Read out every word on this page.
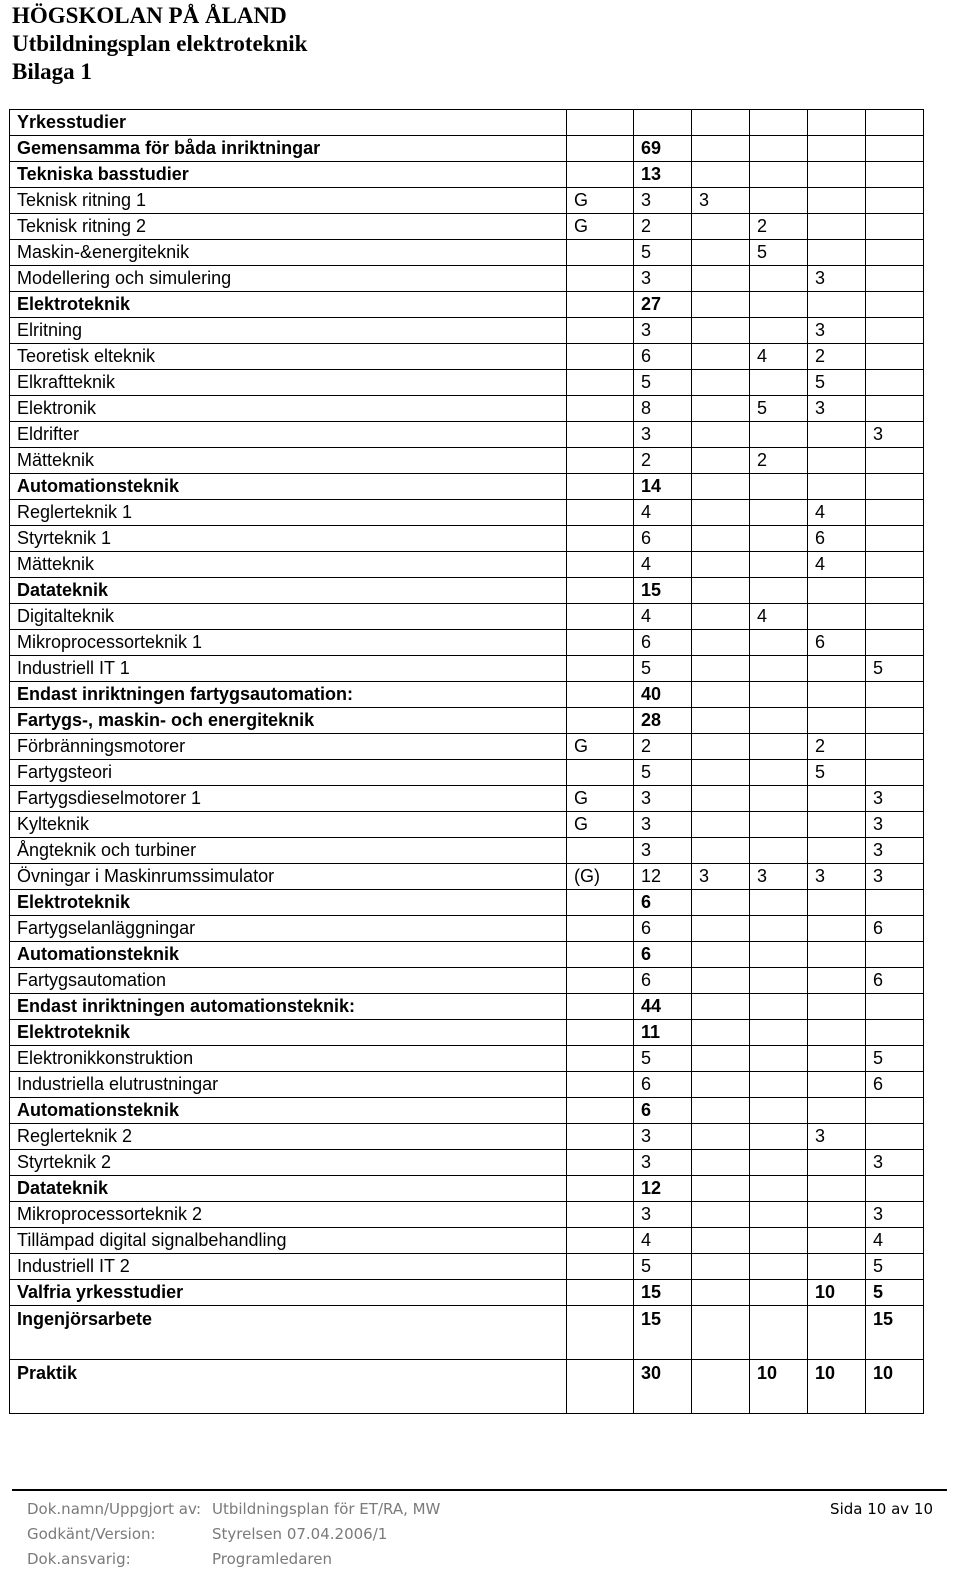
HÖGSKOLAN PÅ ÅLAND
Utbildningsplan elektroteknik
Bilaga 1
Yrkesstudier						
Gemensamma för båda inriktningar		69				
Tekniska basstudier		13				
Teknisk ritning 1	G	3	3			
Teknisk ritning 2	G	2		2		
Maskin-&energiteknik		5		5		
Modellering och simulering		3			3	
Elektroteknik		27				
Elritning		3			3	
Teoretisk elteknik		6		4	2	
Elkraftteknik		5			5	
Elektronik		8		5	3	
Eldrifter		3				3
Mätteknik		2		2		
Automationsteknik		14				
Reglerteknik 1		4			4	
Styrteknik 1		6			6	
Mätteknik		4			4	
Datateknik		15				
Digitalteknik		4		4		
Mikroprocessorteknik 1		6			6	
Industriell IT 1		5				5
Endast inriktningen fartygsautomation:		40				
Fartygs-, maskin- och energiteknik		28				
Förbränningsmotorer	G	2			2	
Fartygsteori		5			5	
Fartygsdieselmotorer 1	G	3				3
Kylteknik	G	3				3
Ångteknik och turbiner		3				3
Övningar i Maskinrumssimulator	(G)	12	3	3	3	3
Elektroteknik		6				
Fartygselanläggningar		6				6
Automationsteknik		6				
Fartygsautomation		6				6
Endast inriktningen automationsteknik:		44				
Elektroteknik		11				
Elektronikkonstruktion		5				5
Industriella elutrustningar		6				6
Automationsteknik		6				
Reglerteknik 2		3			3	
Styrteknik 2		3				3
Datateknik		12				
Mikroprocessorteknik 2		3				3
Tillämpad digital signalbehandling		4				4
Industriell IT 2		5				5
Valfria yrkesstudier		15			10	5
Ingenjörsarbete		15				15
Praktik		30		10	10	10
Dok.namn/Uppgjort av: Utbildningsplan för ET/RA, MW	Sida 10 av 10
Godkänt/Version:	Styrelsen 07.04.2006/1
Dok.ansvarig:	Programledaren
